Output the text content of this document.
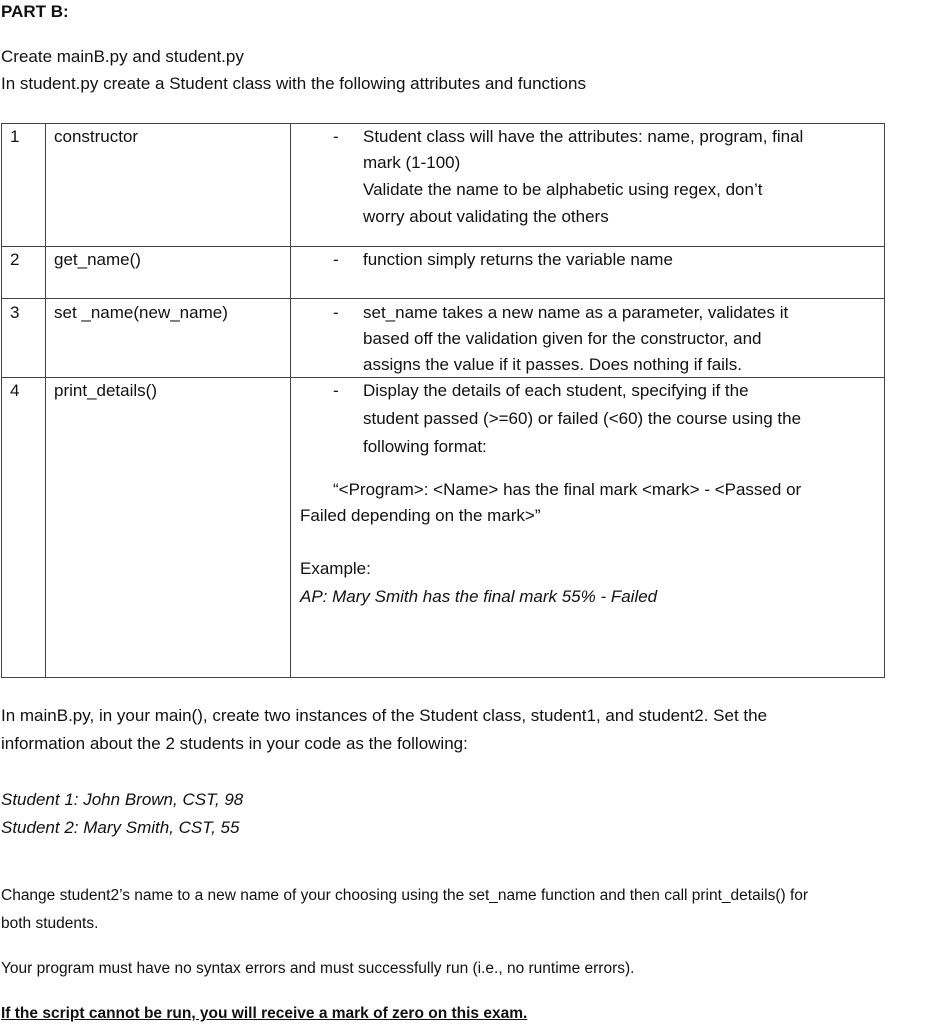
PART B:
Create mainB.py and student.py
In student.py create a Student class with the following attributes and functions
1 constructor	- Student class will have the attributes: name, program, final
mark (1-100)
Validate the name to be alphabetic using regex, don’t
worry about validating the others
2 get_name()	- function simply returns the variable name
3 set _name(new_name)	- set_name takes a new name as a parameter, validates it
based off the validation given for the constructor, and
assigns the value if it passes. Does nothing if fails.
4 print_details()	- Display the details of each student, specifying if the
student passed (>=60) or failed (<60) the course using the
following format:
“<Program>: <Name> has the final mark <mark> - <Passed or
Failed depending on the mark>”
Example:
AP: Mary Smith has the final mark 55% - Failed
In mainB.py, in your main(), create two instances of the Student class, student1, and student2. Set the
information about the 2 students in your code as the following:
Student 1: John Brown, CST, 98
Student 2: Mary Smith, CST, 55
Change student2’s name to a new name of your choosing using the set_name function and then call print_details() for
both students.
Your program must have no syntax errors and must successfully run (i.e., no runtime errors).
If the script cannot be run, you will receive a mark of zero on this exam.
